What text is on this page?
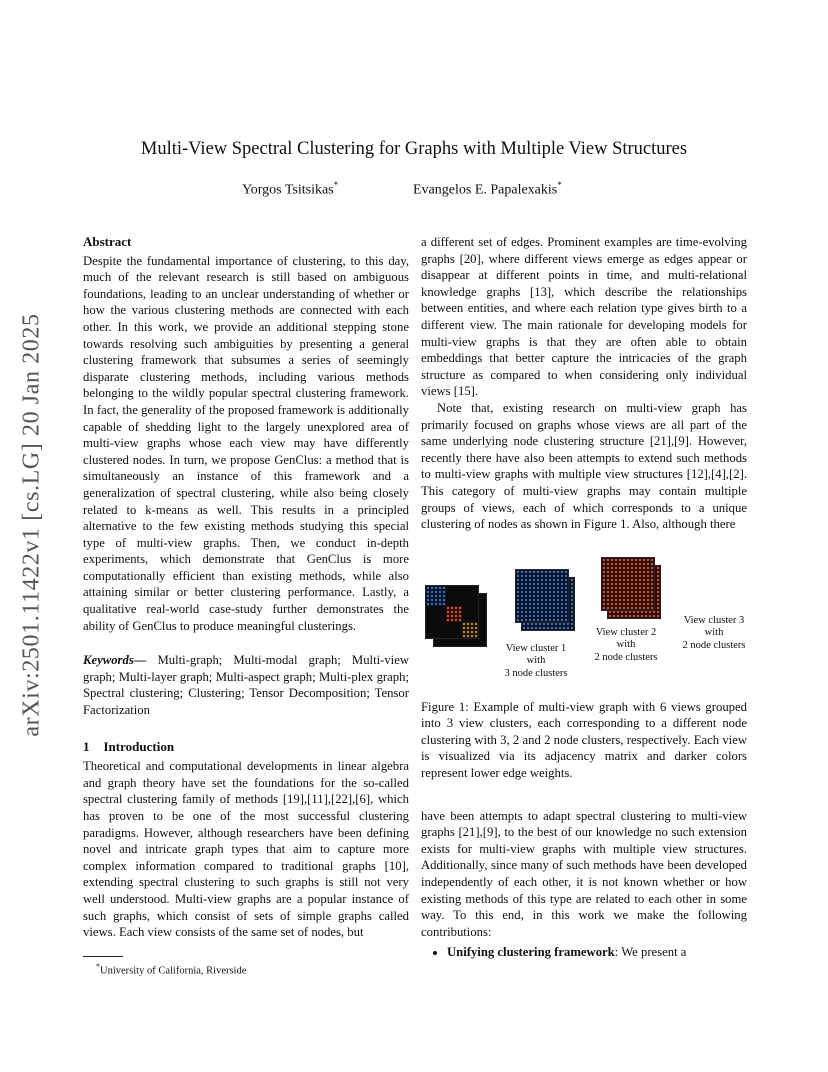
arXiv:2501.11422v1 [cs.LG] 20 Jan 2025
Multi-View Spectral Clustering for Graphs with Multiple View Structures
Yorgos Tsitsikas*	Evangelos E. Papalexakis*
Abstract

Despite the fundamental importance of clustering, to this day, much of the relevant research is still based on ambiguous foundations, leading to an unclear understanding of whether or how the various clustering methods are connected with each other. In this work, we provide an additional stepping stone towards resolving such ambiguities by presenting a general clustering framework that subsumes a series of seemingly disparate clustering methods, including various methods belonging to the wildly popular spectral clustering framework. In fact, the generality of the proposed framework is additionally capable of shedding light to the largely unexplored area of multi-view graphs whose each view may have differently clustered nodes. In turn, we propose GenClus: a method that is simultaneously an instance of this framework and a generalization of spectral clustering, while also being closely related to k-means as well. This results in a principled alternative to the few existing methods studying this special type of multi-view graphs. Then, we conduct in-depth experiments, which demonstrate that GenClus is more computationally efficient than existing methods, while also attaining similar or better clustering performance. Lastly, a qualitative real-world case-study further demonstrates the ability of GenClus to produce meaningful clusterings.

Keywords— Multi-graph; Multi-modal graph; Multi-view graph; Multi-layer graph; Multi-aspect graph; Multi-plex graph; Spectral clustering; Clustering; Tensor Decomposition; Tensor Factorization

1 Introduction

Theoretical and computational developments in linear algebra and graph theory have set the foundations for the so-called spectral clustering family of methods [19],[11],[22],[6], which has proven to be one of the most successful clustering paradigms. However, although researchers have been defining novel and intricate graph types that aim to capture more complex information compared to traditional graphs [10], extending spectral clustering to such graphs is still not very well understood. Multi-view graphs are a popular instance of such graphs, which consist of sets of simple graphs called views. Each view consists of the same set of nodes, but

a different set of edges. Prominent examples are time-evolving graphs [20], where different views emerge as edges appear or disappear at different points in time, and multi-relational knowledge graphs [13], which describe the relationships between entities, and where each relation type gives birth to a different view. The main rationale for developing models for multi-view graphs is that they are often able to obtain embeddings that better capture the intricacies of the graph structure as compared to when considering only individual views [15].

Note that, existing research on multi-view graph has primarily focused on graphs whose views are all part of the same underlying node clustering structure [21],[9]. However, recently there have also been attempts to extend such methods to multi-view graphs with multiple view structures [12],[4],[2]. This category of multi-view graphs may contain multiple groups of views, each of which corresponds to a unique clustering of nodes as shown in Figure 1. Also, although there

View cluster 1
with
3 node clusters
View cluster 2
with
2 node clusters
View cluster 3
with
2 node clusters

Figure 1: Example of multi-view graph with 6 views grouped into 3 view clusters, each corresponding to a different node clustering with 3, 2 and 2 node clusters, respectively. Each view is visualized via its adjacency matrix and darker colors represent lower edge weights.

have been attempts to adapt spectral clustering to multi-view graphs [21],[9], to the best of our knowledge no such extension exists for multi-view graphs with multiple view structures. Additionally, since many of such methods have been developed independently of each other, it is not known whether or how existing methods of this type are related to each other in some way. To this end, in this work we make the following contributions:

• Unifying clustering framework: We present a
*University of California, Riverside
